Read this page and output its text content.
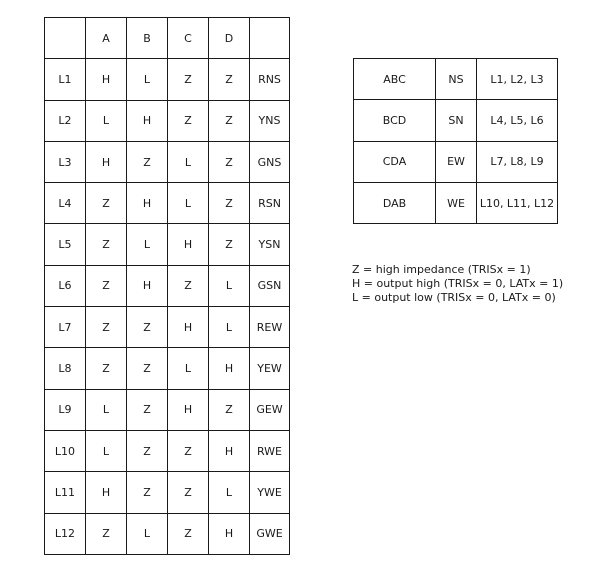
	A	B	C	D	
L1	H	L	Z	Z	RNS
L2	L	H	Z	Z	YNS
L3	H	Z	L	Z	GNS
L4	Z	H	L	Z	RSN
L5	Z	L	H	Z	YSN
L6	Z	H	Z	L	GSN
L7	Z	Z	H	L	REW
L8	Z	Z	L	H	YEW
L9	L	Z	H	Z	GEW
L10	L	Z	Z	H	RWE
L11	H	Z	Z	L	YWE
L12	Z	L	Z	H	GWE
ABC	NS	L1, L2, L3
BCD	SN	L4, L5, L6
CDA	EW	L7, L8, L9
DAB	WE	L10, L11, L12
Z = high impedance (TRISx = 1)
H = output high (TRISx = 0, LATx = 1)
L = output low (TRISx = 0, LATx = 0)
